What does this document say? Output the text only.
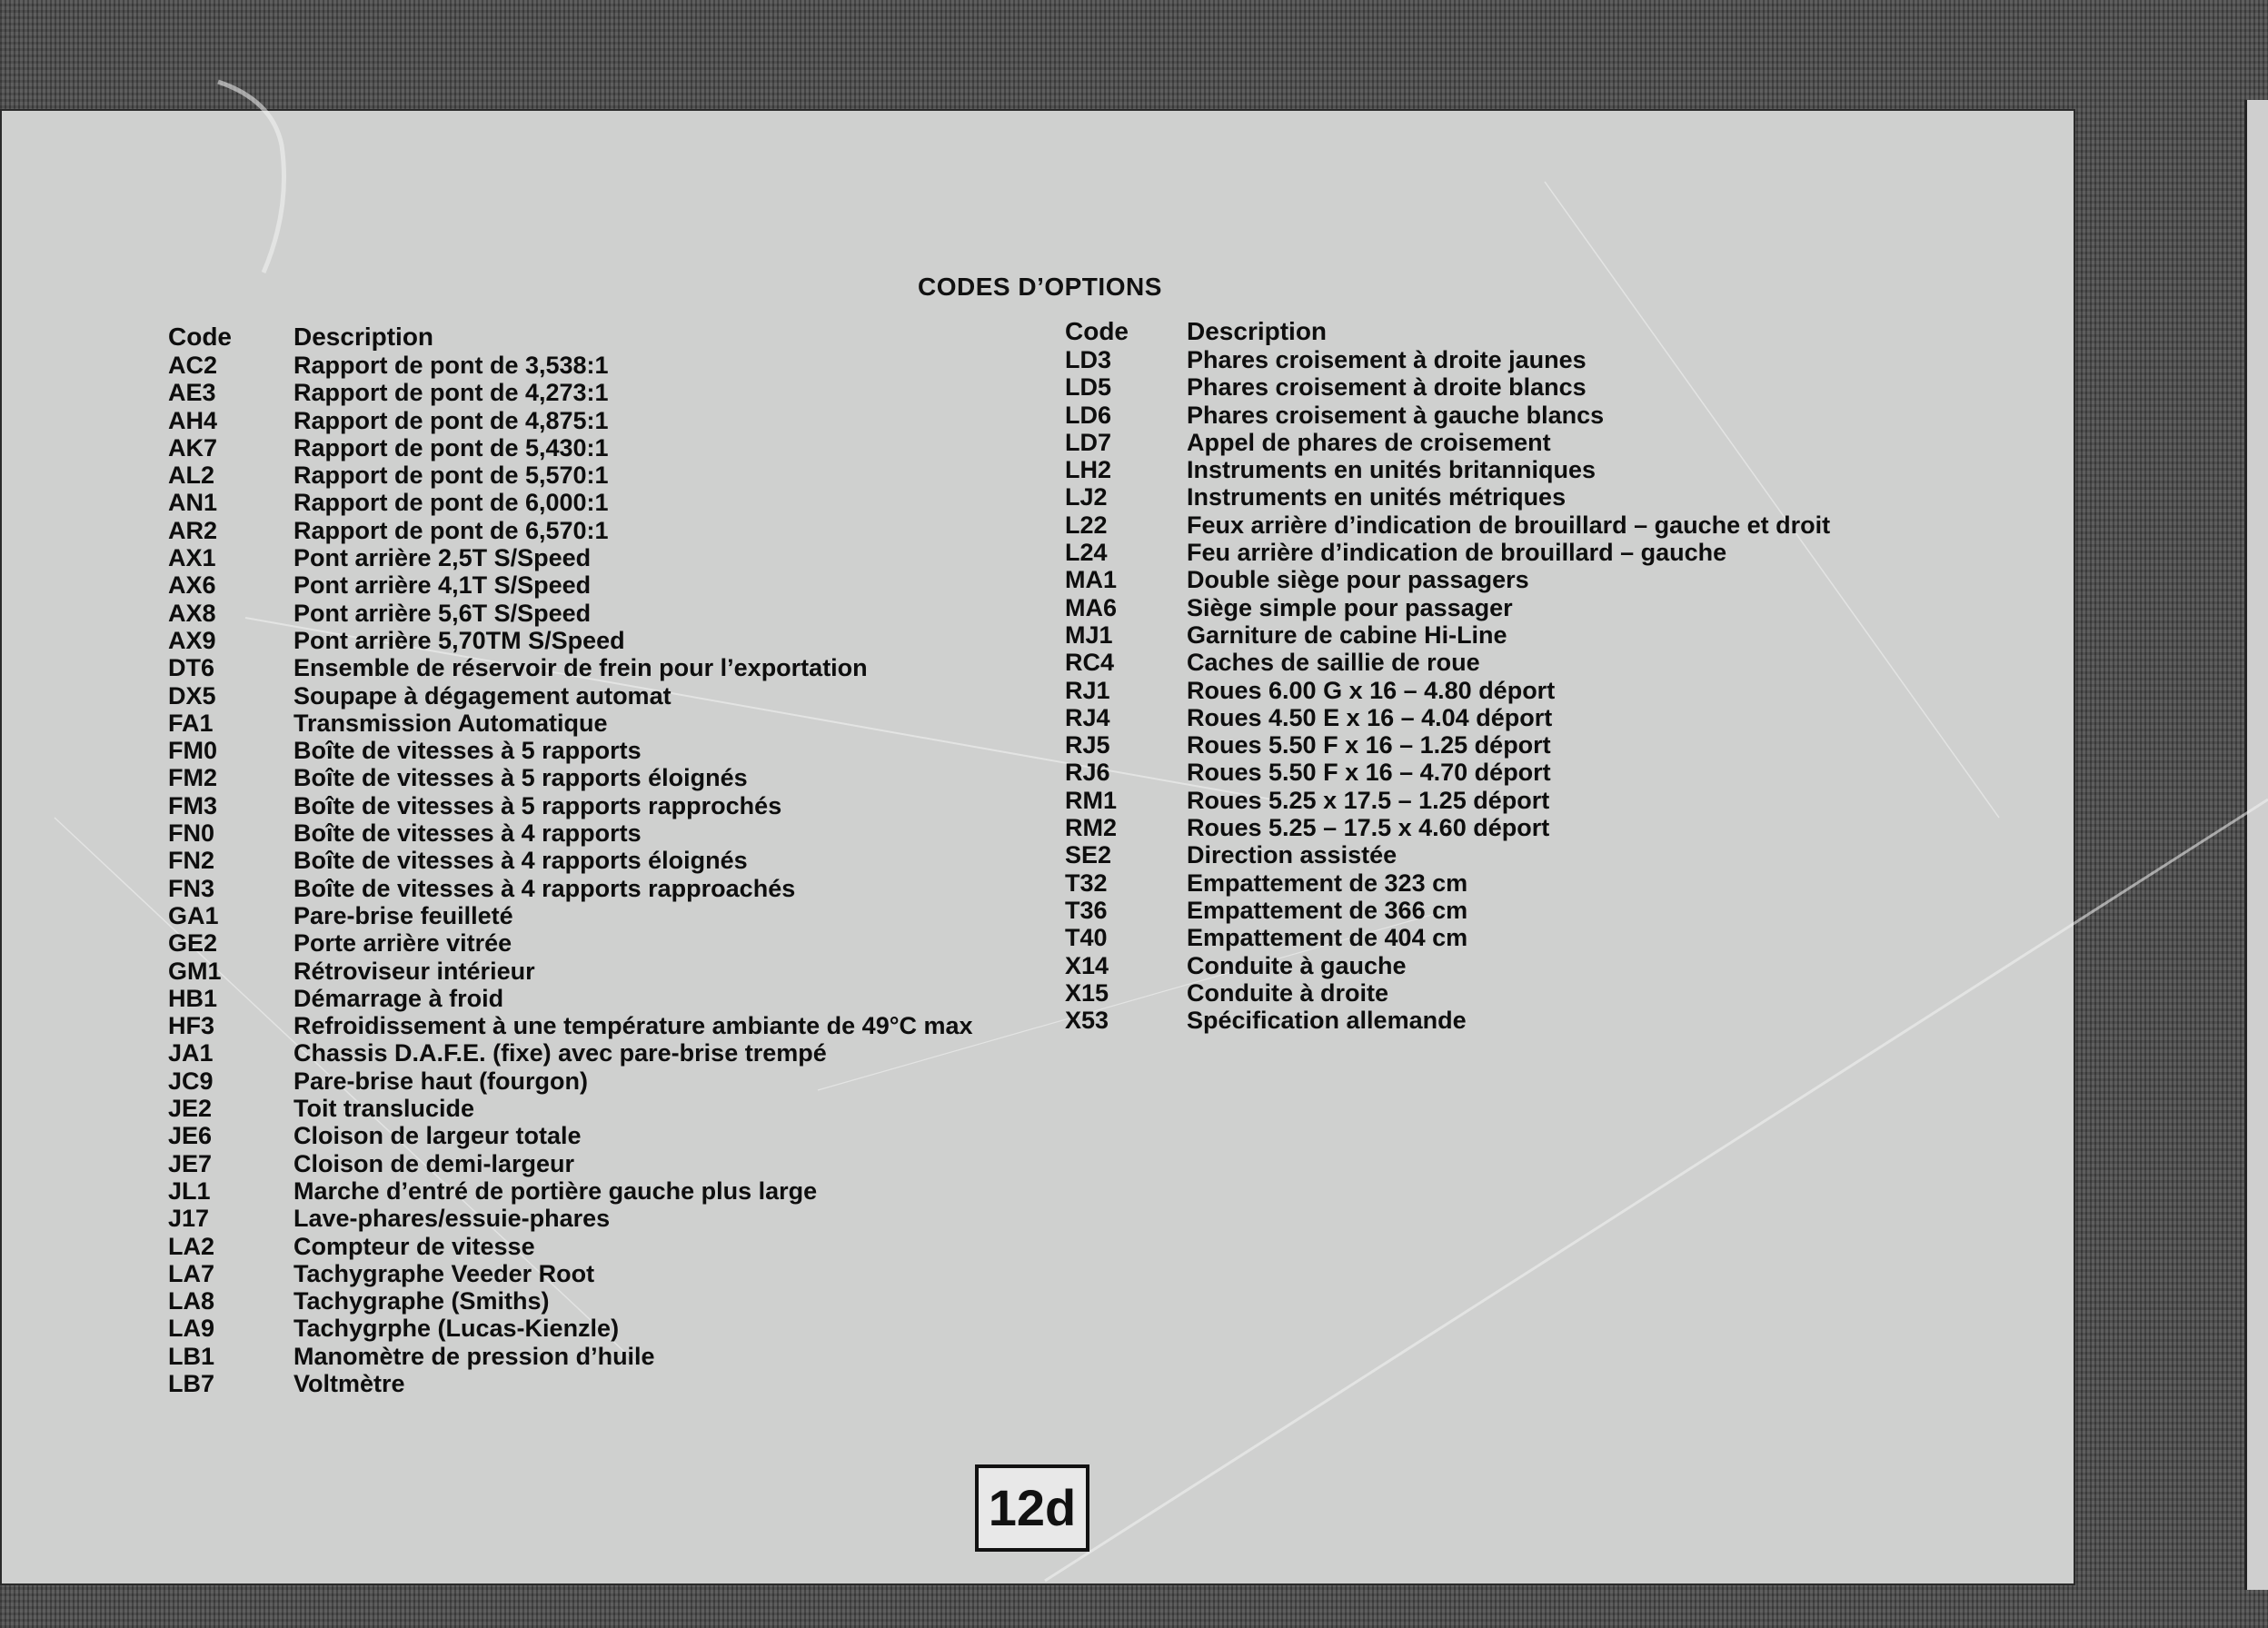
CODES D’OPTIONS
Code	Description
AC2	Rapport de pont de 3,538:1
AE3	Rapport de pont de 4,273:1
AH4	Rapport de pont de 4,875:1
AK7	Rapport de pont de 5,430:1
AL2	Rapport de pont de 5,570:1
AN1	Rapport de pont de 6,000:1
AR2	Rapport de pont de 6,570:1
AX1	Pont arrière 2,5T S/Speed
AX6	Pont arrière 4,1T S/Speed
AX8	Pont arrière 5,6T S/Speed
AX9	Pont arrière 5,70TM S/Speed
DT6	Ensemble de réservoir de frein pour l’exportation
DX5	Soupape à dégagement automat
FA1	Transmission Automatique
FM0	Boîte de vitesses à 5 rapports
FM2	Boîte de vitesses à 5 rapports éloignés
FM3	Boîte de vitesses à 5 rapports rapprochés
FN0	Boîte de vitesses à 4 rapports
FN2	Boîte de vitesses à 4 rapports éloignés
FN3	Boîte de vitesses à 4 rapports rapproachés
GA1	Pare-brise feuilleté
GE2	Porte arrière vitrée
GM1	Rétroviseur intérieur
HB1	Démarrage à froid
HF3	Refroidissement à une température ambiante de 49°C max
JA1	Chassis D.A.F.E. (fixe) avec pare-brise trempé
JC9	Pare-brise haut (fourgon)
JE2	Toit translucide
JE6	Cloison de largeur totale
JE7	Cloison de demi-largeur
JL1	Marche d’entré de portière gauche plus large
J17	Lave-phares/essuie-phares
LA2	Compteur de vitesse
LA7	Tachygraphe Veeder Root
LA8	Tachygraphe (Smiths)
LA9	Tachygrphe (Lucas-Kienzle)
LB1	Manomètre de pression d’huile
LB7	Voltmètre
Code	Description
LD3	Phares croisement à droite jaunes
LD5	Phares croisement à droite blancs
LD6	Phares croisement à gauche blancs
LD7	Appel de phares de croisement
LH2	Instruments en unités britanniques
LJ2	Instruments en unités métriques
L22	Feux arrière d’indication de brouillard – gauche et droit
L24	Feu arrière d’indication de brouillard – gauche
MA1	Double siège pour passagers
MA6	Siège simple pour passager
MJ1	Garniture de cabine Hi-Line
RC4	Caches de saillie de roue
RJ1	Roues 6.00 G x 16 – 4.80 déport
RJ4	Roues 4.50 E x 16 – 4.04 déport
RJ5	Roues 5.50 F x 16 – 1.25 déport
RJ6	Roues 5.50 F x 16 – 4.70 déport
RM1	Roues 5.25 x 17.5 – 1.25 déport
RM2	Roues 5.25 – 17.5 x 4.60 déport
SE2	Direction assistée
T32	Empattement de 323 cm
T36	Empattement de 366 cm
T40	Empattement de 404 cm
X14	Conduite à gauche
X15	Conduite à droite
X53	Spécification allemande
12d
